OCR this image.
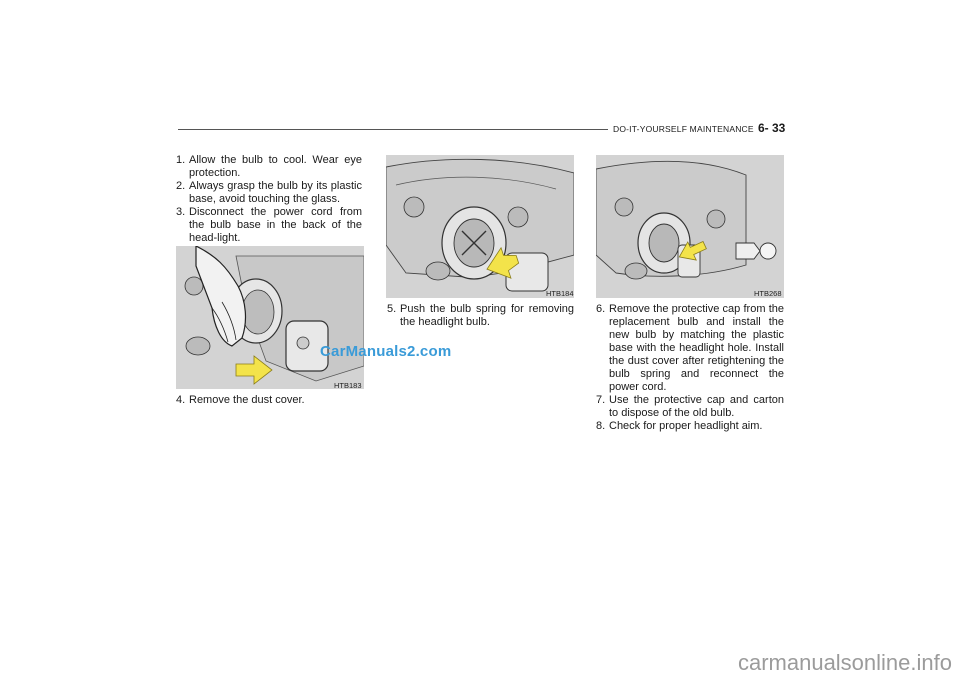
DO-IT-YOURSELF MAINTENANCE 6- 33
1. Allow the bulb to cool. Wear eye protection.
2. Always grasp the bulb by its plastic base, avoid touching the glass.
3. Disconnect the power cord from the bulb base in the back of the head-light.
HTB183
4. Remove the dust cover.
HTB184
5. Push the bulb spring for removing the headlight bulb.
HTB268
6. Remove the protective cap from the replacement bulb and install the new bulb by matching the plastic base with the headlight hole. Install the dust cover after retightening the bulb spring and reconnect the power cord.
7. Use the protective cap and carton to dispose of the old bulb.
8. Check for proper headlight aim.
CarManuals2.com
carmanualsonline.info
